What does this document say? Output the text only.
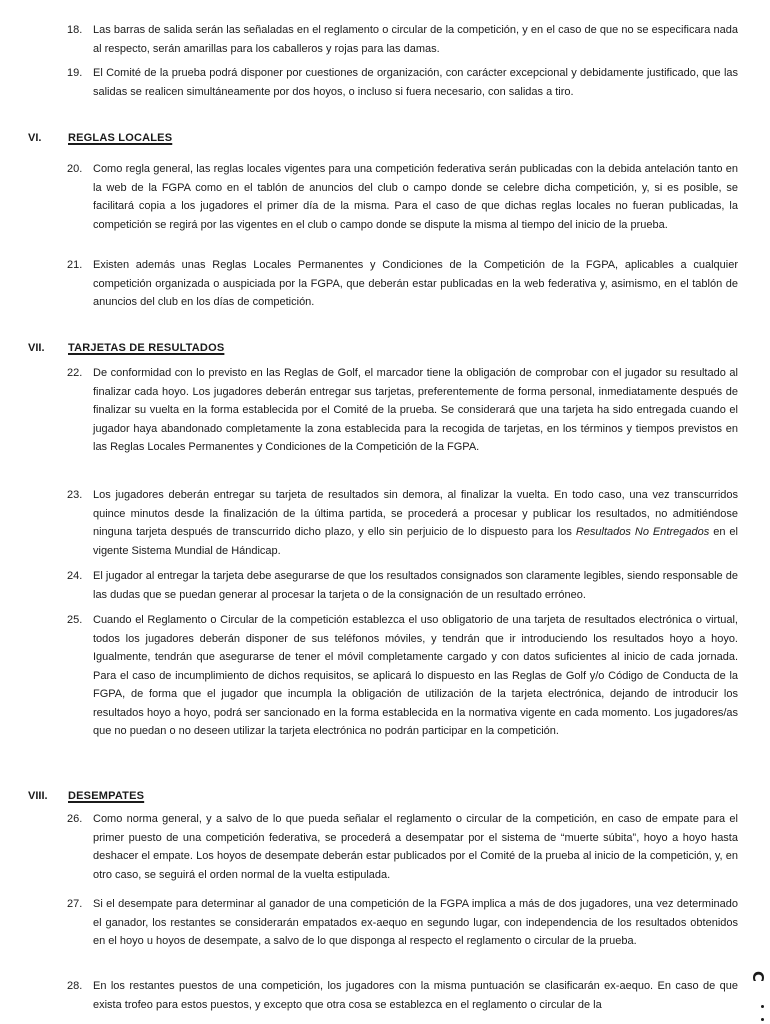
18. Las barras de salida serán las señaladas en el reglamento o circular de la competición, y en el caso de que no se especificara nada al respecto, serán amarillas para los caballeros y rojas para las damas.
19. El Comité de la prueba podrá disponer por cuestiones de organización, con carácter excepcional y debidamente justificado, que las salidas se realicen simultáneamente por dos hoyos, o incluso si fuera necesario, con salidas a tiro.
VI. REGLAS LOCALES
20. Como regla general, las reglas locales vigentes para una competición federativa serán publicadas con la debida antelación tanto en la web de la FGPA como en el tablón de anuncios del club o campo donde se celebre dicha competición, y, si es posible, se facilitará copia a los jugadores el primer día de la misma. Para el caso de que dichas reglas locales no fueran publicadas, la competición se regirá por las vigentes en el club o campo donde se dispute la misma al tiempo del inicio de la prueba.
21. Existen además unas Reglas Locales Permanentes y Condiciones de la Competición de la FGPA, aplicables a cualquier competición organizada o auspiciada por la FGPA, que deberán estar publicadas en la web federativa y, asimismo, en el tablón de anuncios del club en los días de competición.
VII. TARJETAS DE RESULTADOS
22. De conformidad con lo previsto en las Reglas de Golf, el marcador tiene la obligación de comprobar con el jugador su resultado al finalizar cada hoyo. Los jugadores deberán entregar sus tarjetas, preferentemente de forma personal, inmediatamente después de finalizar su vuelta en la forma establecida por el Comité de la prueba. Se considerará que una tarjeta ha sido entregada cuando el jugador haya abandonado completamente la zona establecida para la recogida de tarjetas, en los términos y tiempos previstos en las Reglas Locales Permanentes y Condiciones de la Competición de la FGPA.
23. Los jugadores deberán entregar su tarjeta de resultados sin demora, al finalizar la vuelta. En todo caso, una vez transcurridos quince minutos desde la finalización de la última partida, se procederá a procesar y publicar los resultados, no admitiéndose ninguna tarjeta después de transcurrido dicho plazo, y ello sin perjuicio de lo dispuesto para los Resultados No Entregados en el vigente Sistema Mundial de Hándicap.
24. El jugador al entregar la tarjeta debe asegurarse de que los resultados consignados son claramente legibles, siendo responsable de las dudas que se puedan generar al procesar la tarjeta o de la consignación de un resultado erróneo.
25. Cuando el Reglamento o Circular de la competición establezca el uso obligatorio de una tarjeta de resultados electrónica o virtual, todos los jugadores deberán disponer de sus teléfonos móviles, y tendrán que ir introduciendo los resultados hoyo a hoyo. Igualmente, tendrán que asegurarse de tener el móvil completamente cargado y con datos suficientes al inicio de cada jornada. Para el caso de incumplimiento de dichos requisitos, se aplicará lo dispuesto en las Reglas de Golf y/o Código de Conducta de la FGPA, de forma que el jugador que incumpla la obligación de utilización de la tarjeta electrónica, dejando de introducir los resultados hoyo a hoyo, podrá ser sancionado en la forma establecida en la normativa vigente en cada momento. Los jugadores/as que no puedan o no deseen utilizar la tarjeta electrónica no podrán participar en la competición.
VIII. DESEMPATES
26. Como norma general, y a salvo de lo que pueda señalar el reglamento o circular de la competición, en caso de empate para el primer puesto de una competición federativa, se procederá a desempatar por el sistema de “muerte súbita”, hoyo a hoyo hasta deshacer el empate. Los hoyos de desempate deberán estar publicados por el Comité de la prueba al inicio de la competición, y, en otro caso, se seguirá el orden normal de la vuelta estipulada.
27. Si el desempate para determinar al ganador de una competición de la FGPA implica a más de dos jugadores, una vez determinado el ganador, los restantes se considerarán empatados ex-aequo en segundo lugar, con independencia de los resultados obtenidos en el hoyo u hoyos de desempate, a salvo de lo que disponga al respecto el reglamento o circular de la prueba.
28. En los restantes puestos de una competición, los jugadores con la misma puntuación se clasificarán ex-aequo. En caso de que exista trofeo para estos puestos, y excepto que otra cosa se establezca en el reglamento o circular de la
C
